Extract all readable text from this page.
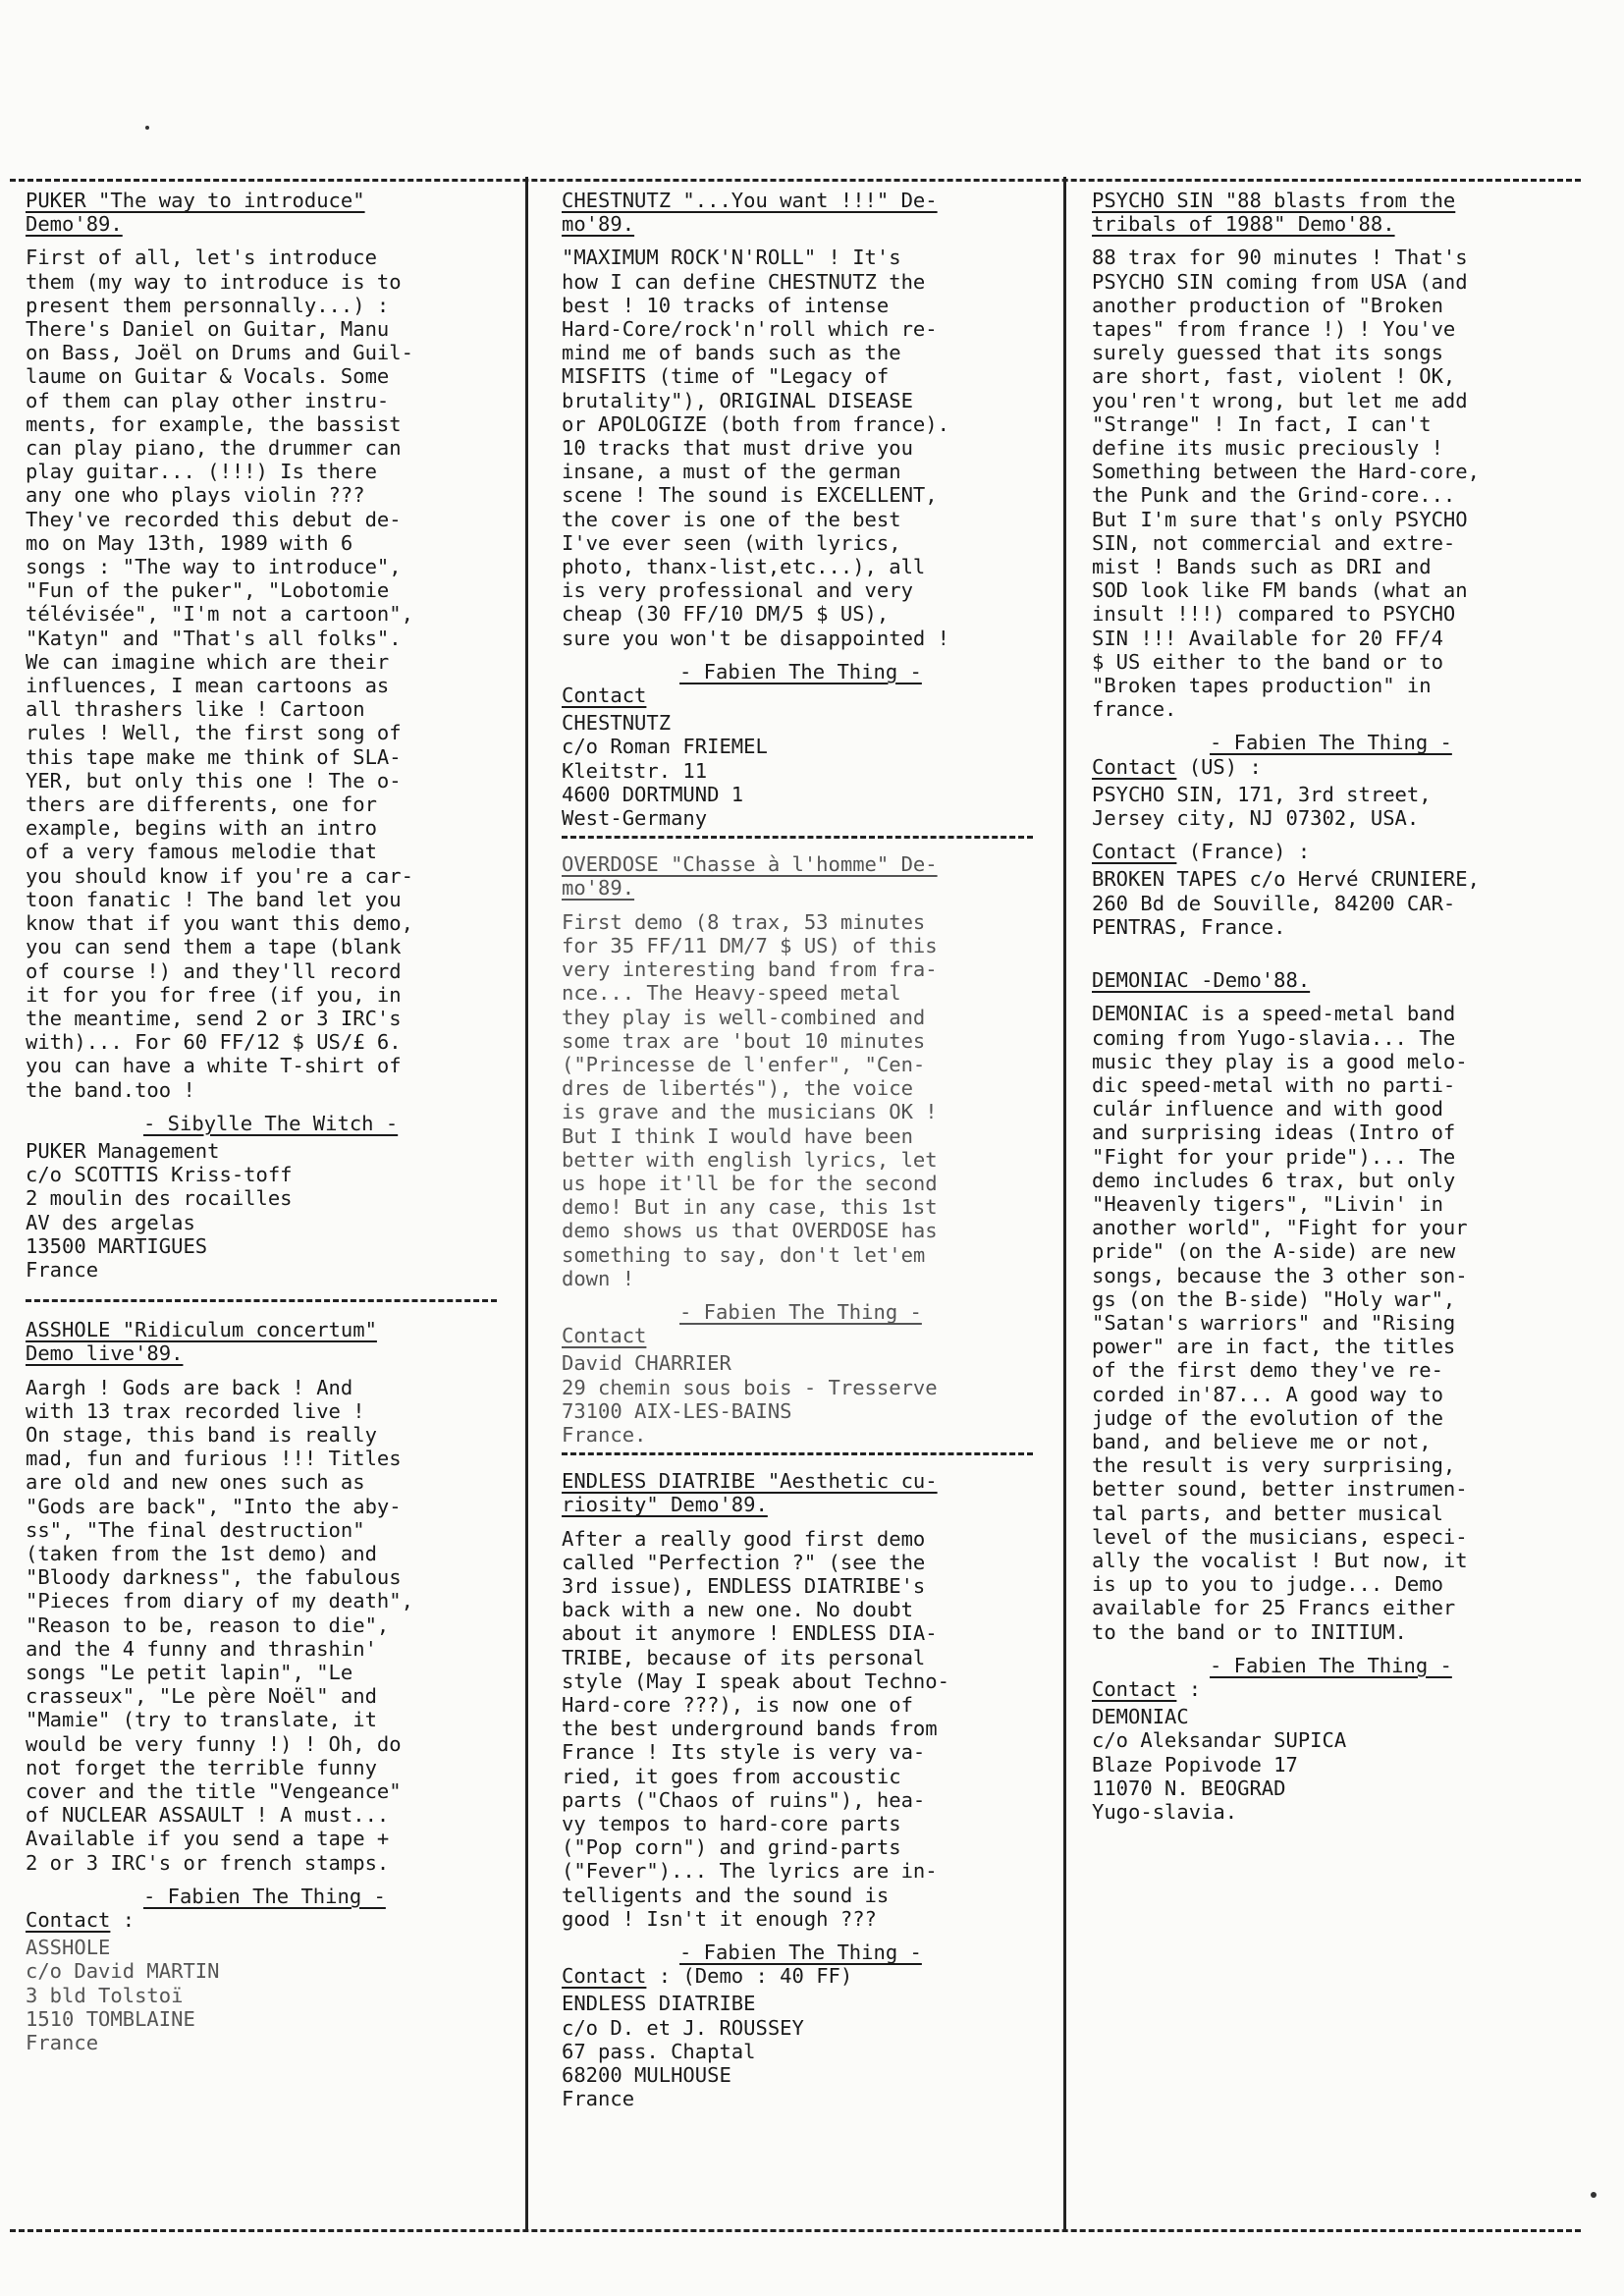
PUKER "The way to introduce"

Demo'89.

First of all, let's introduce

them (my way to introduce is to

present them personnally...) :

There's Daniel on Guitar, Manu

on Bass, Joël on Drums and Guil-

laume on Guitar & Vocals. Some

of them can play other instru-

ments, for example, the bassist

can play piano, the drummer can

play guitar... (!!!) Is there

any one who plays violin ???

They've recorded this debut de-

mo on May 13th, 1989 with 6

songs : "The way to introduce",

"Fun of the puker", "Lobotomie

télévisée", "I'm not a cartoon",

"Katyn" and "That's all folks".

We can imagine which are their

influences, I mean cartoons as

all thrashers like ! Cartoon

rules ! Well, the first song of

this tape make me think of SLA-

YER, but only this one ! The o-

thers are differents, one for

example, begins with an intro

of a very famous melodie that

you should know if you're a car-

toon fanatic ! The band let you

know that if you want this demo,

you can send them a tape (blank

of course !) and they'll record

it for you for free (if you, in

the meantime, send 2 or 3 IRC's

with)... For 60 FF/12 $ US/£ 6.

you can have a white T-shirt of

the band.too !

- Sibylle The Witch -

PUKER Management

c/o SCOTTIS Kriss-toff

2 moulin des rocailles

AV des argelas

13500 MARTIGUES

France

ASSHOLE "Ridiculum concertum"

Demo live'89.

Aargh ! Gods are back ! And

with 13 trax recorded live !

On stage, this band is really

mad, fun and furious !!! Titles

are old and new ones such as

"Gods are back", "Into the aby-

ss", "The final destruction"

(taken from the 1st demo) and

"Bloody darkness", the fabulous

"Pieces from diary of my death",

"Reason to be, reason to die",

and the 4 funny and thrashin'

songs "Le petit lapin", "Le

crasseux", "Le père Noël" and

"Mamie" (try to translate, it

would be very funny !) ! Oh, do

not forget the terrible funny

cover and the title "Vengeance"

of NUCLEAR ASSAULT ! A must...

Available if you send a tape +

2 or 3 IRC's or french stamps.

- Fabien The Thing -

Contact :

ASSHOLE

c/o David MARTIN

3 bld Tolstoï

1510 TOMBLAINE

France

CHESTNUTZ "...You want !!!" De-

mo'89.

"MAXIMUM ROCK'N'ROLL" ! It's

how I can define CHESTNUTZ the

best ! 10 tracks of intense

Hard-Core/rock'n'roll which re-

mind me of bands such as the

MISFITS (time of "Legacy of

brutality"), ORIGINAL DISEASE

or APOLOGIZE (both from france).

10 tracks that must drive you

insane, a must of the german

scene ! The sound is EXCELLENT,

the cover is one of the best

I've ever seen (with lyrics,

photo, thanx-list,etc...), all

is very professional and very

cheap (30 FF/10 DM/5 $ US),

sure you won't be disappointed !

- Fabien The Thing -

Contact

CHESTNUTZ

c/o Roman FRIEMEL

Kleitstr. 11

4600 DORTMUND 1

West-Germany

OVERDOSE "Chasse à l'homme" De-

mo'89.

First demo (8 trax, 53 minutes

for 35 FF/11 DM/7 $ US) of this

very interesting band from fra-

nce... The Heavy-speed metal

they play is well-combined and

some trax are 'bout 10 minutes

("Princesse de l'enfer", "Cen-

dres de libertés"), the voice

is grave and the musicians OK !

But I think I would have been

better with english lyrics, let

us hope it'll be for the second

demo! But in any case, this 1st

demo shows us that OVERDOSE has

something to say, don't let'em

down !

- Fabien The Thing -

Contact

David CHARRIER

29 chemin sous bois - Tresserve

73100 AIX-LES-BAINS

France.

ENDLESS DIATRIBE "Aesthetic cu-

riosity" Demo'89.

After a really good first demo

called "Perfection ?" (see the

3rd issue), ENDLESS DIATRIBE's

back with a new one. No doubt

about it anymore ! ENDLESS DIA-

TRIBE, because of its personal

style (May I speak about Techno-

Hard-core ???), is now one of

the best underground bands from

France ! Its style is very va-

ried, it goes from accoustic

parts ("Chaos of ruins"), hea-

vy tempos to hard-core parts

("Pop corn") and grind-parts

("Fever")... The lyrics are in-

telligents and the sound is

good ! Isn't it enough ???

- Fabien The Thing -

Contact : (Demo : 40 FF)

ENDLESS DIATRIBE

c/o D. et J. ROUSSEY

67 pass. Chaptal

68200 MULHOUSE

France

PSYCHO SIN "88 blasts from the

tribals of 1988" Demo'88.

88 trax for 90 minutes ! That's

PSYCHO SIN coming from USA (and

another production of "Broken

tapes" from france !) ! You've

surely guessed that its songs

are short, fast, violent ! OK,

you'ren't wrong, but let me add

"Strange" ! In fact, I can't

define its music preciously !

Something between the Hard-core,

the Punk and the Grind-core...

But I'm sure that's only PSYCHO

SIN, not commercial and extre-

mist ! Bands such as DRI and

SOD look like FM bands (what an

insult !!!) compared to PSYCHO

SIN !!! Available for 20 FF/4

$ US either to the band or to

"Broken tapes production" in

france.

- Fabien The Thing -

Contact (US) :

PSYCHO SIN, 171, 3rd street,

Jersey city, NJ 07302, USA.

Contact (France) :

BROKEN TAPES c/o Hervé CRUNIERE,

260 Bd de Souville, 84200 CAR-

PENTRAS, France.

DEMONIAC -Demo'88.

DEMONIAC is a speed-metal band

coming from Yugo-slavia... The

music they play is a good melo-

dic speed-metal with no parti-

culár influence and with good

and surprising ideas (Intro of

"Fight for your pride")... The

demo includes 6 trax, but only

"Heavenly tigers", "Livin' in

another world", "Fight for your

pride" (on the A-side) are new

songs, because the 3 other son-

gs (on the B-side) "Holy war",

"Satan's warriors" and "Rising

power" are in fact, the titles

of the first demo they've re-

corded in'87... A good way to

judge of the evolution of the

band, and believe me or not,

the result is very surprising,

better sound, better instrumen-

tal parts, and better musical

level of the musicians, especi-

ally the vocalist ! But now, it

is up to you to judge... Demo

available for 25 Francs either

to the band or to INITIUM.

- Fabien The Thing -

Contact :

DEMONIAC

c/o Aleksandar SUPICA

Blaze Popivode 17

11070 N. BEOGRAD

Yugo-slavia.
